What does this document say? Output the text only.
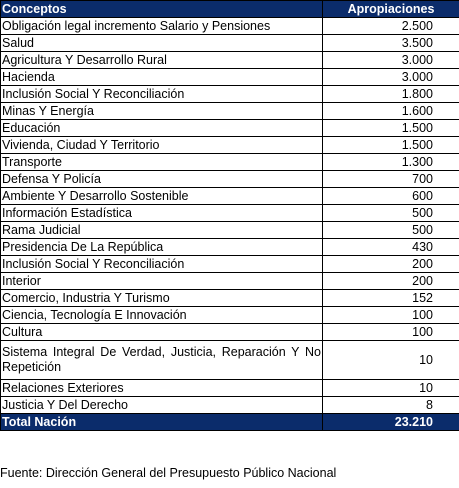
Conceptos	Apropiaciones
Obligación legal incremento Salario y Pensiones	2.500
Salud	3.500
Agricultura Y Desarrollo Rural	3.000
Hacienda	3.000
Inclusión Social Y Reconciliación	1.800
Minas Y Energía	1.600
Educación	1.500
Vivienda, Ciudad Y Territorio	1.500
Transporte	1.300
Defensa Y Policía	700
Ambiente Y Desarrollo Sostenible	600
Información Estadística	500
Rama Judicial	500
Presidencia De La República	430
Inclusión Social Y Reconciliación	200
Interior	200
Comercio, Industria Y Turismo	152
Ciencia, Tecnología E Innovación	100
Cultura	100
Sistema Integral De Verdad, Justicia, Reparación Y No Repetición	10
Relaciones Exteriores	10
Justicia Y Del Derecho	8
Total Nación	23.210
Fuente: Dirección General del Presupuesto Público Nacional
